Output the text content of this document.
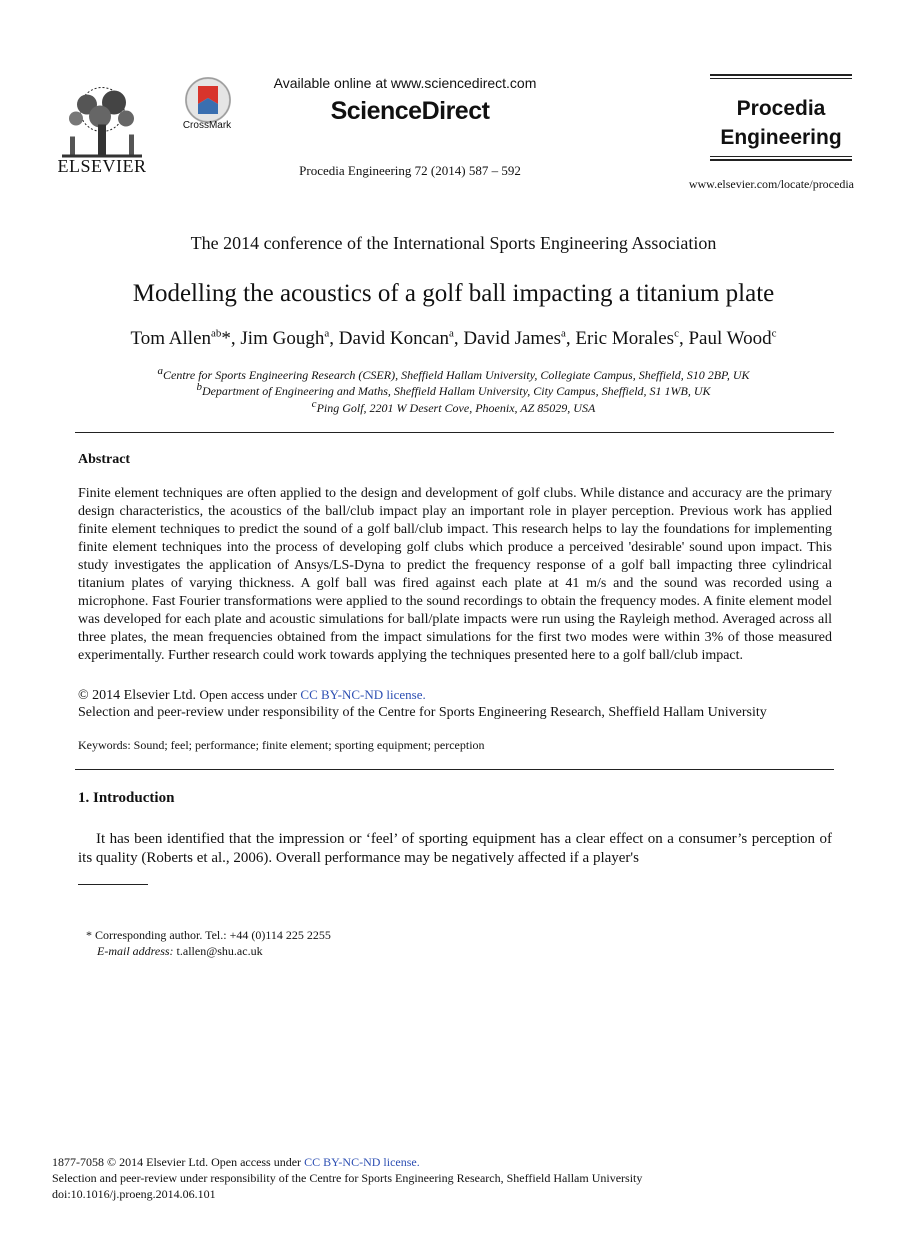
ELSEVIER
CrossMark
Available online at www.sciencedirect.com
ScienceDirect
Procedia Engineering 72 (2014) 587 – 592
Procedia
Engineering
www.elsevier.com/locate/procedia
The 2014 conference of the International Sports Engineering Association
Modelling the acoustics of a golf ball impacting a titanium plate
Tom Allen$^{ab}$*, Jim Gough$^a$, David Koncan$^a$, David James$^a$, Eric Morales$^c$, Paul Wood$^c$
$^a$Centre for Sports Engineering Research (CSER), Sheffield Hallam University, Collegiate Campus, Sheffield, S10 2BP, UK
$^b$Department of Engineering and Maths, Sheffield Hallam University, City Campus, Sheffield, S1 1WB, UK
$^c$Ping Golf, 2201 W Desert Cove, Phoenix, AZ 85029, USA
Abstract
Finite element techniques are often applied to the design and development of golf clubs. While distance and accuracy are the primary design characteristics, the acoustics of the ball/club impact play an important role in player perception. Previous work has applied finite element techniques to predict the sound of a golf ball/club impact. This research helps to lay the foundations for implementing finite element techniques into the process of developing golf clubs which produce a perceived 'desirable' sound upon impact. This study investigates the application of Ansys/LS-Dyna to predict the frequency response of a golf ball impacting three cylindrical titanium plates of varying thickness. A golf ball was fired against each plate at 41 m/s and the sound was recorded using a microphone. Fast Fourier transformations were applied to the sound recordings to obtain the frequency modes. A finite element model was developed for each plate and acoustic simulations for ball/plate impacts were run using the Rayleigh method. Averaged across all three plates, the mean frequencies obtained from the impact simulations for the first two modes were within 3% of those measured experimentally. Further research could work towards applying the techniques presented here to a golf ball/club impact.
© 2014 Elsevier Ltd. Open access under CC BY-NC-ND license.
Selection and peer-review under responsibility of the Centre for Sports Engineering Research, Sheffield Hallam University
Keywords: Sound; feel; performance; finite element; sporting equipment; perception
1. Introduction
It has been identified that the impression or ‘feel’ of sporting equipment has a clear effect on a consumer’s perception of its quality (Roberts et al., 2006). Overall performance may be negatively affected if a player's
* Corresponding author. Tel.: +44 (0)114 225 2255
E-mail address: t.allen@shu.ac.uk
1877-7058 © 2014 Elsevier Ltd. Open access under CC BY-NC-ND license.
Selection and peer-review under responsibility of the Centre for Sports Engineering Research, Sheffield Hallam University
doi:10.1016/j.proeng.2014.06.101
